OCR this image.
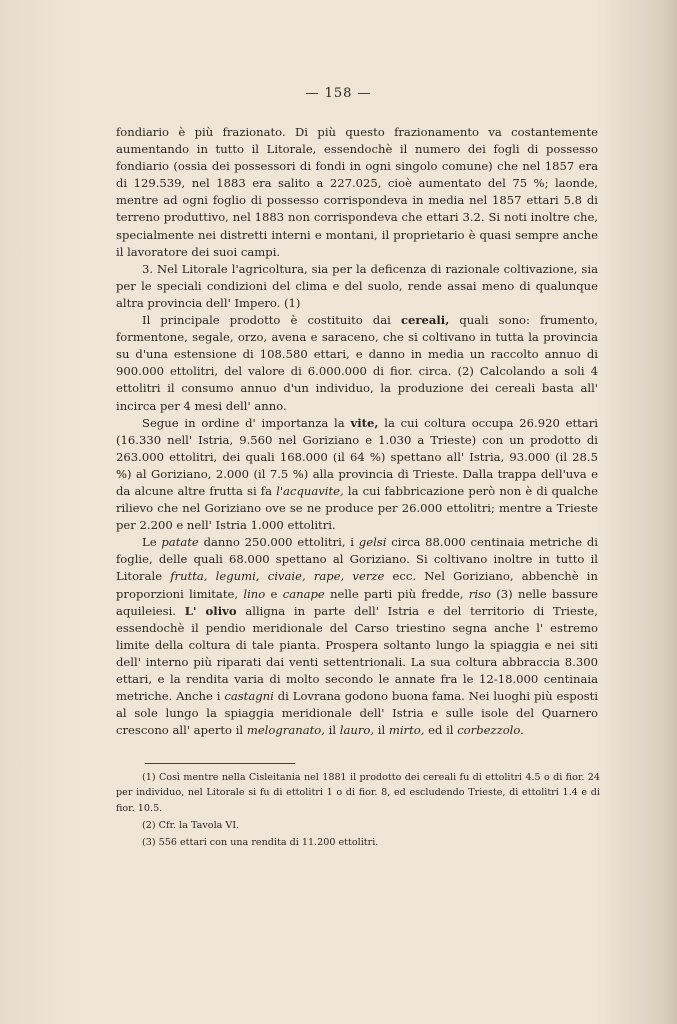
— 158 —

fondiario è più frazionato. Di più questo frazionamento va costantemente aumentando in tutto il Litorale, essendochè il numero dei fogli di possesso fondiario (ossia dei possessori di fondi in ogni singolo comune) che nel 1857 era di 129.539, nel 1883 era salito a 227.025, cioè aumentato del 75 %; laonde, mentre ad ogni foglio di possesso corrispondeva in media nel 1857 ettari 5.8 di terreno produttivo, nel 1883 non corrispondeva che ettari 3.2. Si noti inoltre che, specialmente nei distretti interni e montani, il proprietario è quasi sempre anche il lavoratore dei suoi campi.

3. Nel Litorale l'agricoltura, sia per la deficenza di razionale coltivazione, sia per le speciali condizioni del clima e del suolo, rende assai meno di qualunque altra provincia dell' Impero. (1)

Il principale prodotto è costituito dai cereali, quali sono: frumento, formentone, segale, orzo, avena e saraceno, che si coltivano in tutta la provincia su d'una estensione di 108.580 ettari, e danno in media un raccolto annuo di 900.000 ettolitri, del valore di 6.000.000 di fior. circa. (2) Calcolando a soli 4 ettolitri il consumo annuo d'un individuo, la produzione dei cereali basta all' incirca per 4 mesi dell' anno.

Segue in ordine d' importanza la vite, la cui coltura occupa 26.920 ettari (16.330 nell' Istria, 9.560 nel Goriziano e 1.030 a Trieste) con un prodotto di 263.000 ettolitri, dei quali 168.000 (il 64 %) spettano all' Istria, 93.000 (il 28.5 %) al Goriziano, 2.000 (il 7.5 %) alla provincia di Trieste. Dalla trappa dell'uva e da alcune altre frutta si fa l'acquavite, la cui fabbricazione però non è di qualche rilievo che nel Goriziano ove se ne produce per 26.000 ettolitri; mentre a Trieste per 2.200 e nell' Istria 1.000 ettolitri.

Le patate danno 250.000 ettolitri, i gelsi circa 88.000 centinaia metriche di foglie, delle quali 68.000 spettano al Goriziano. Si coltivano inoltre in tutto il Litorale frutta, legumi, civaie, rape, verze ecc. Nel Goriziano, abbenchè in proporzioni limitate, lino e canape nelle parti più fredde, riso (3) nelle bassure aquileiesi. L' olivo alligna in parte dell' Istria e del territorio di Trieste, essendochè il pendio meridionale del Carso triestino segna anche l' estremo limite della coltura di tale pianta. Prospera soltanto lungo la spiaggia e nei siti dell' interno più riparati dai venti settentrionali. La sua coltura abbraccia 8.300 ettari, e la rendita varia di molto secondo le annate fra le 12-18.000 centinaia metriche. Anche i castagni di Lovrana godono buona fama. Nei luoghi più esposti al sole lungo la spiaggia meridionale dell' Istria e sulle isole del Quarnero crescono all' aperto il melogranato, il lauro, il mirto, ed il corbezzolo.

(1) Così mentre nella Cisleitania nel 1881 il prodotto dei cereali fu di ettolitri 4.5 o di fior. 24 per individuo, nel Litorale si fu di ettolitri 1 o di fior. 8, ed escludendo Trieste, di ettolitri 1.4 e di fior. 10.5.

(2) Cfr. la Tavola VI.

(3) 556 ettari con una rendita di 11.200 ettolitri.
